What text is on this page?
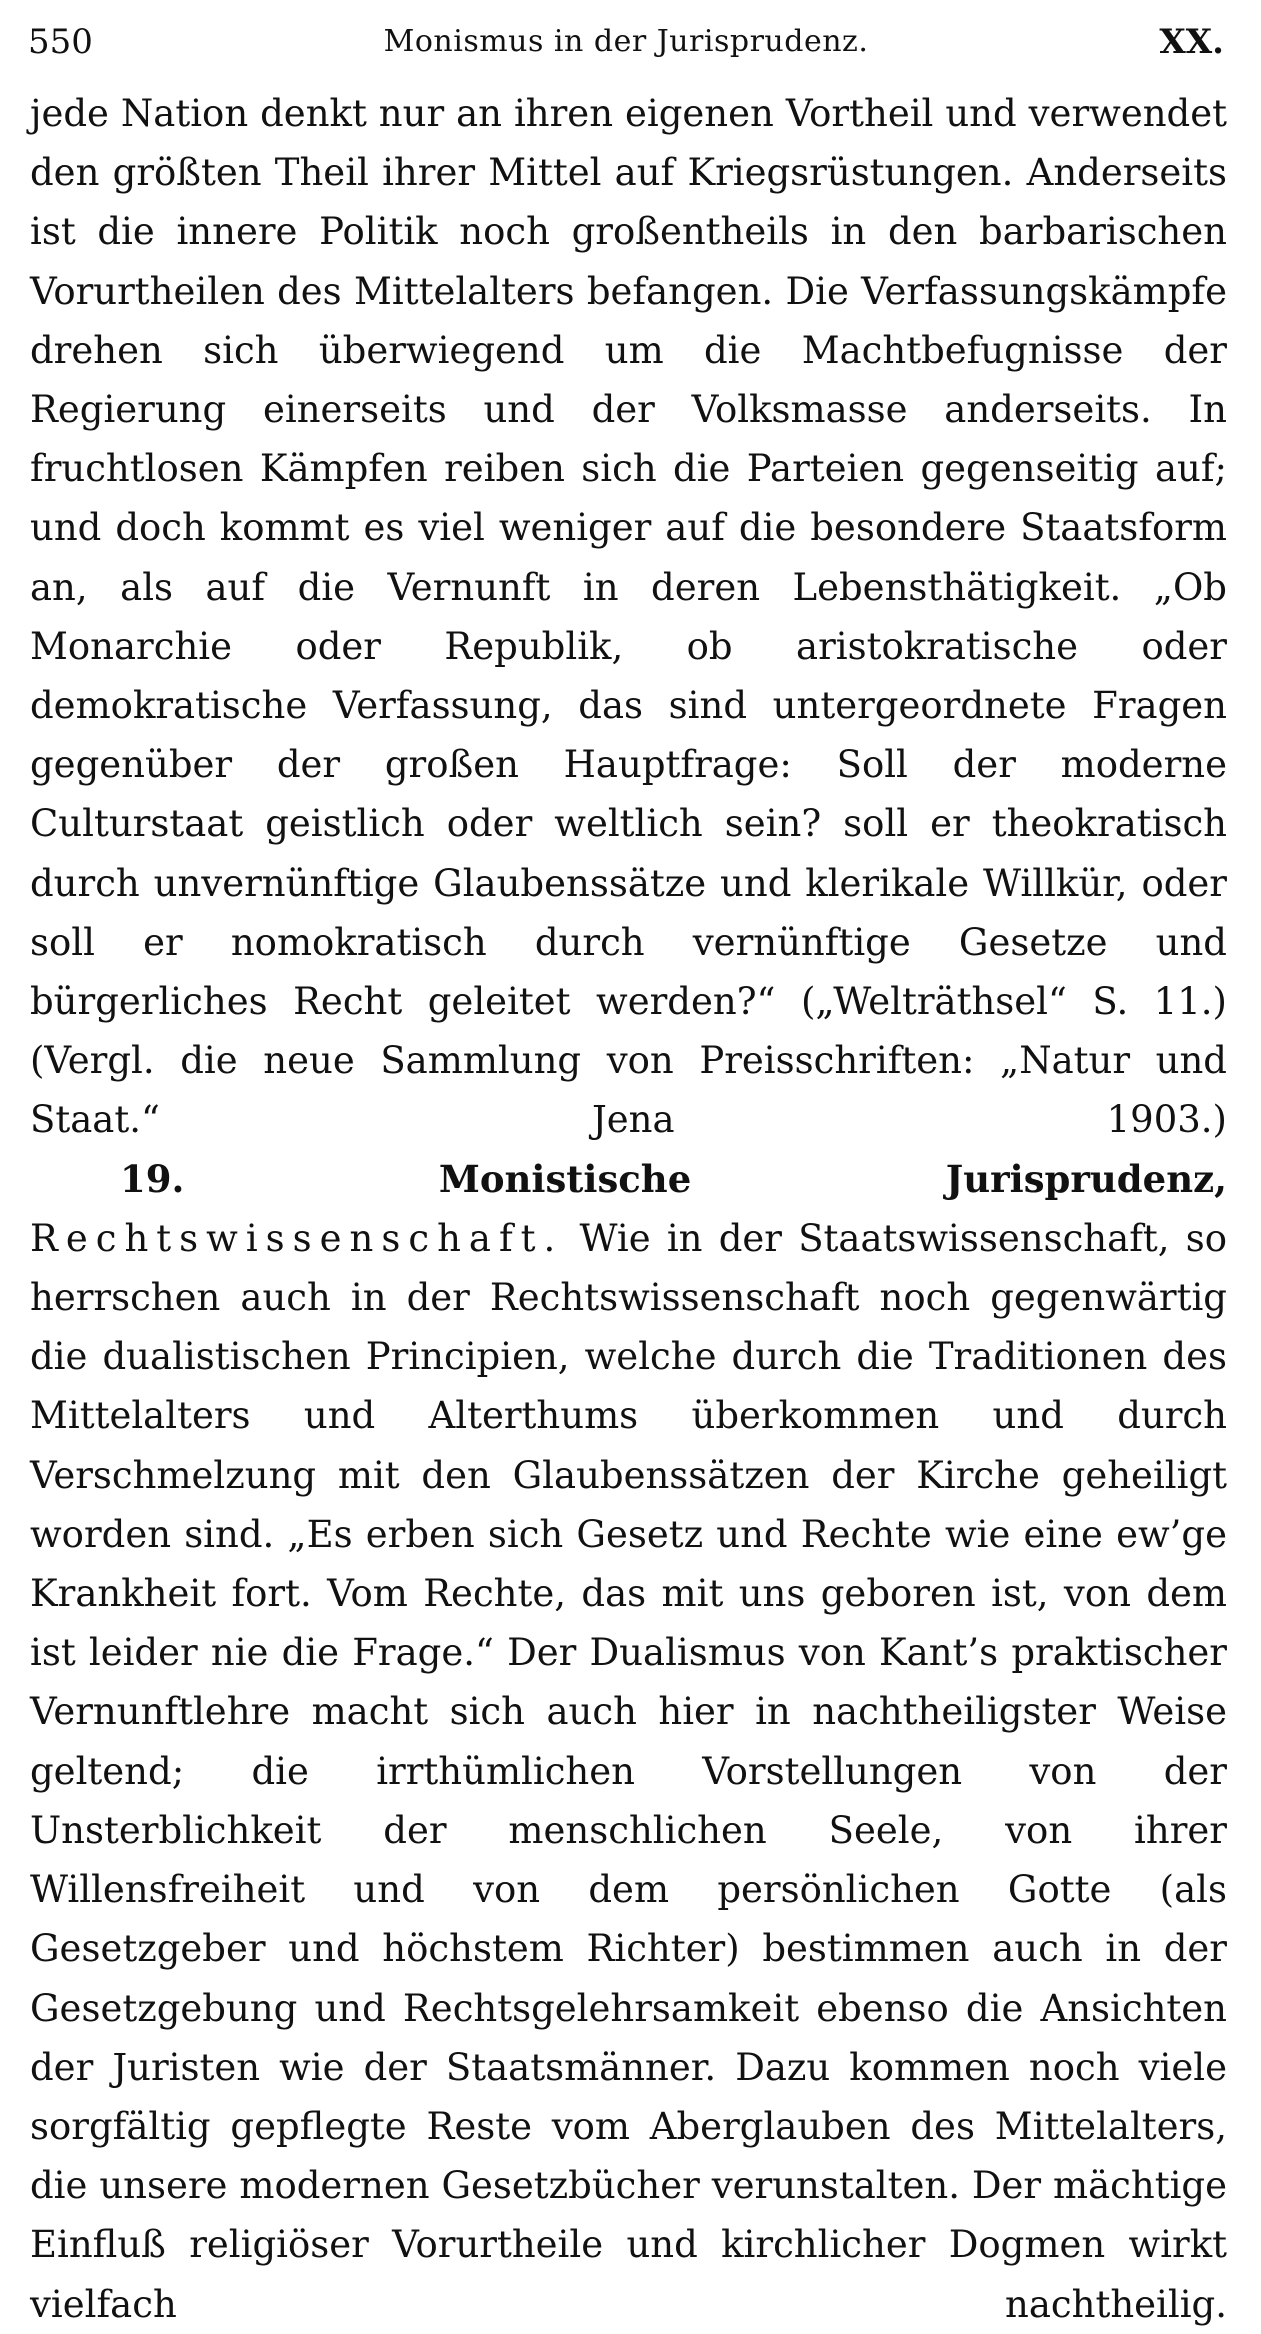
550	Monismus in der Jurisprudenz.	XX.

jede Nation denkt nur an ihren eigenen Vortheil und verwendet den größten Theil ihrer Mittel auf Kriegsrüstungen. Anderseits ist die innere Politik noch großentheils in den barbarischen Vorurtheilen des Mittelalters befangen. Die Verfassungskämpfe drehen sich überwiegend um die Machtbefugnisse der Regierung einerseits und der Volksmasse anderseits. In fruchtlosen Kämpfen reiben sich die Parteien gegenseitig auf; und doch kommt es viel weniger auf die besondere Staatsform an, als auf die Vernunft in deren Lebensthätigkeit. „Ob Monarchie oder Republik, ob aristokratische oder demokratische Verfassung, das sind untergeordnete Fragen gegenüber der großen Hauptfrage: Soll der moderne Culturstaat geistlich oder weltlich sein? soll er theokratisch durch unvernünftige Glaubenssätze und klerikale Willkür, oder soll er nomokratisch durch vernünftige Gesetze und bürgerliches Recht geleitet werden?“ („Welträthsel“ S. 11.) (Vergl. die neue Sammlung von Preisschriften: „Natur und Staat.“ Jena 1903.)

19. Monistische Jurisprudenz, Rechtswissenschaft. Wie in der Staatswissenschaft, so herrschen auch in der Rechtswissenschaft noch gegenwärtig die dualistischen Principien, welche durch die Traditionen des Mittelalters und Alterthums überkommen und durch Verschmelzung mit den Glaubenssätzen der Kirche geheiligt worden sind. „Es erben sich Gesetz und Rechte wie eine ew’ge Krankheit fort. Vom Rechte, das mit uns geboren ist, von dem ist leider nie die Frage.“ Der Dualismus von Kant’s praktischer Vernunftlehre macht sich auch hier in nachtheiligster Weise geltend; die irrthümlichen Vorstellungen von der Unsterblichkeit der menschlichen Seele, von ihrer Willensfreiheit und von dem persönlichen Gotte (als Gesetzgeber und höchstem Richter) bestimmen auch in der Gesetzgebung und Rechtsgelehrsamkeit ebenso die Ansichten der Juristen wie der Staatsmänner. Dazu kommen noch viele sorgfältig gepflegte Reste vom Aberglauben des Mittelalters, die unsere modernen Gesetzbücher verunstalten. Der mächtige Einfluß religiöser Vorurtheile und kirchlicher Dogmen wirkt vielfach nachtheilig.
